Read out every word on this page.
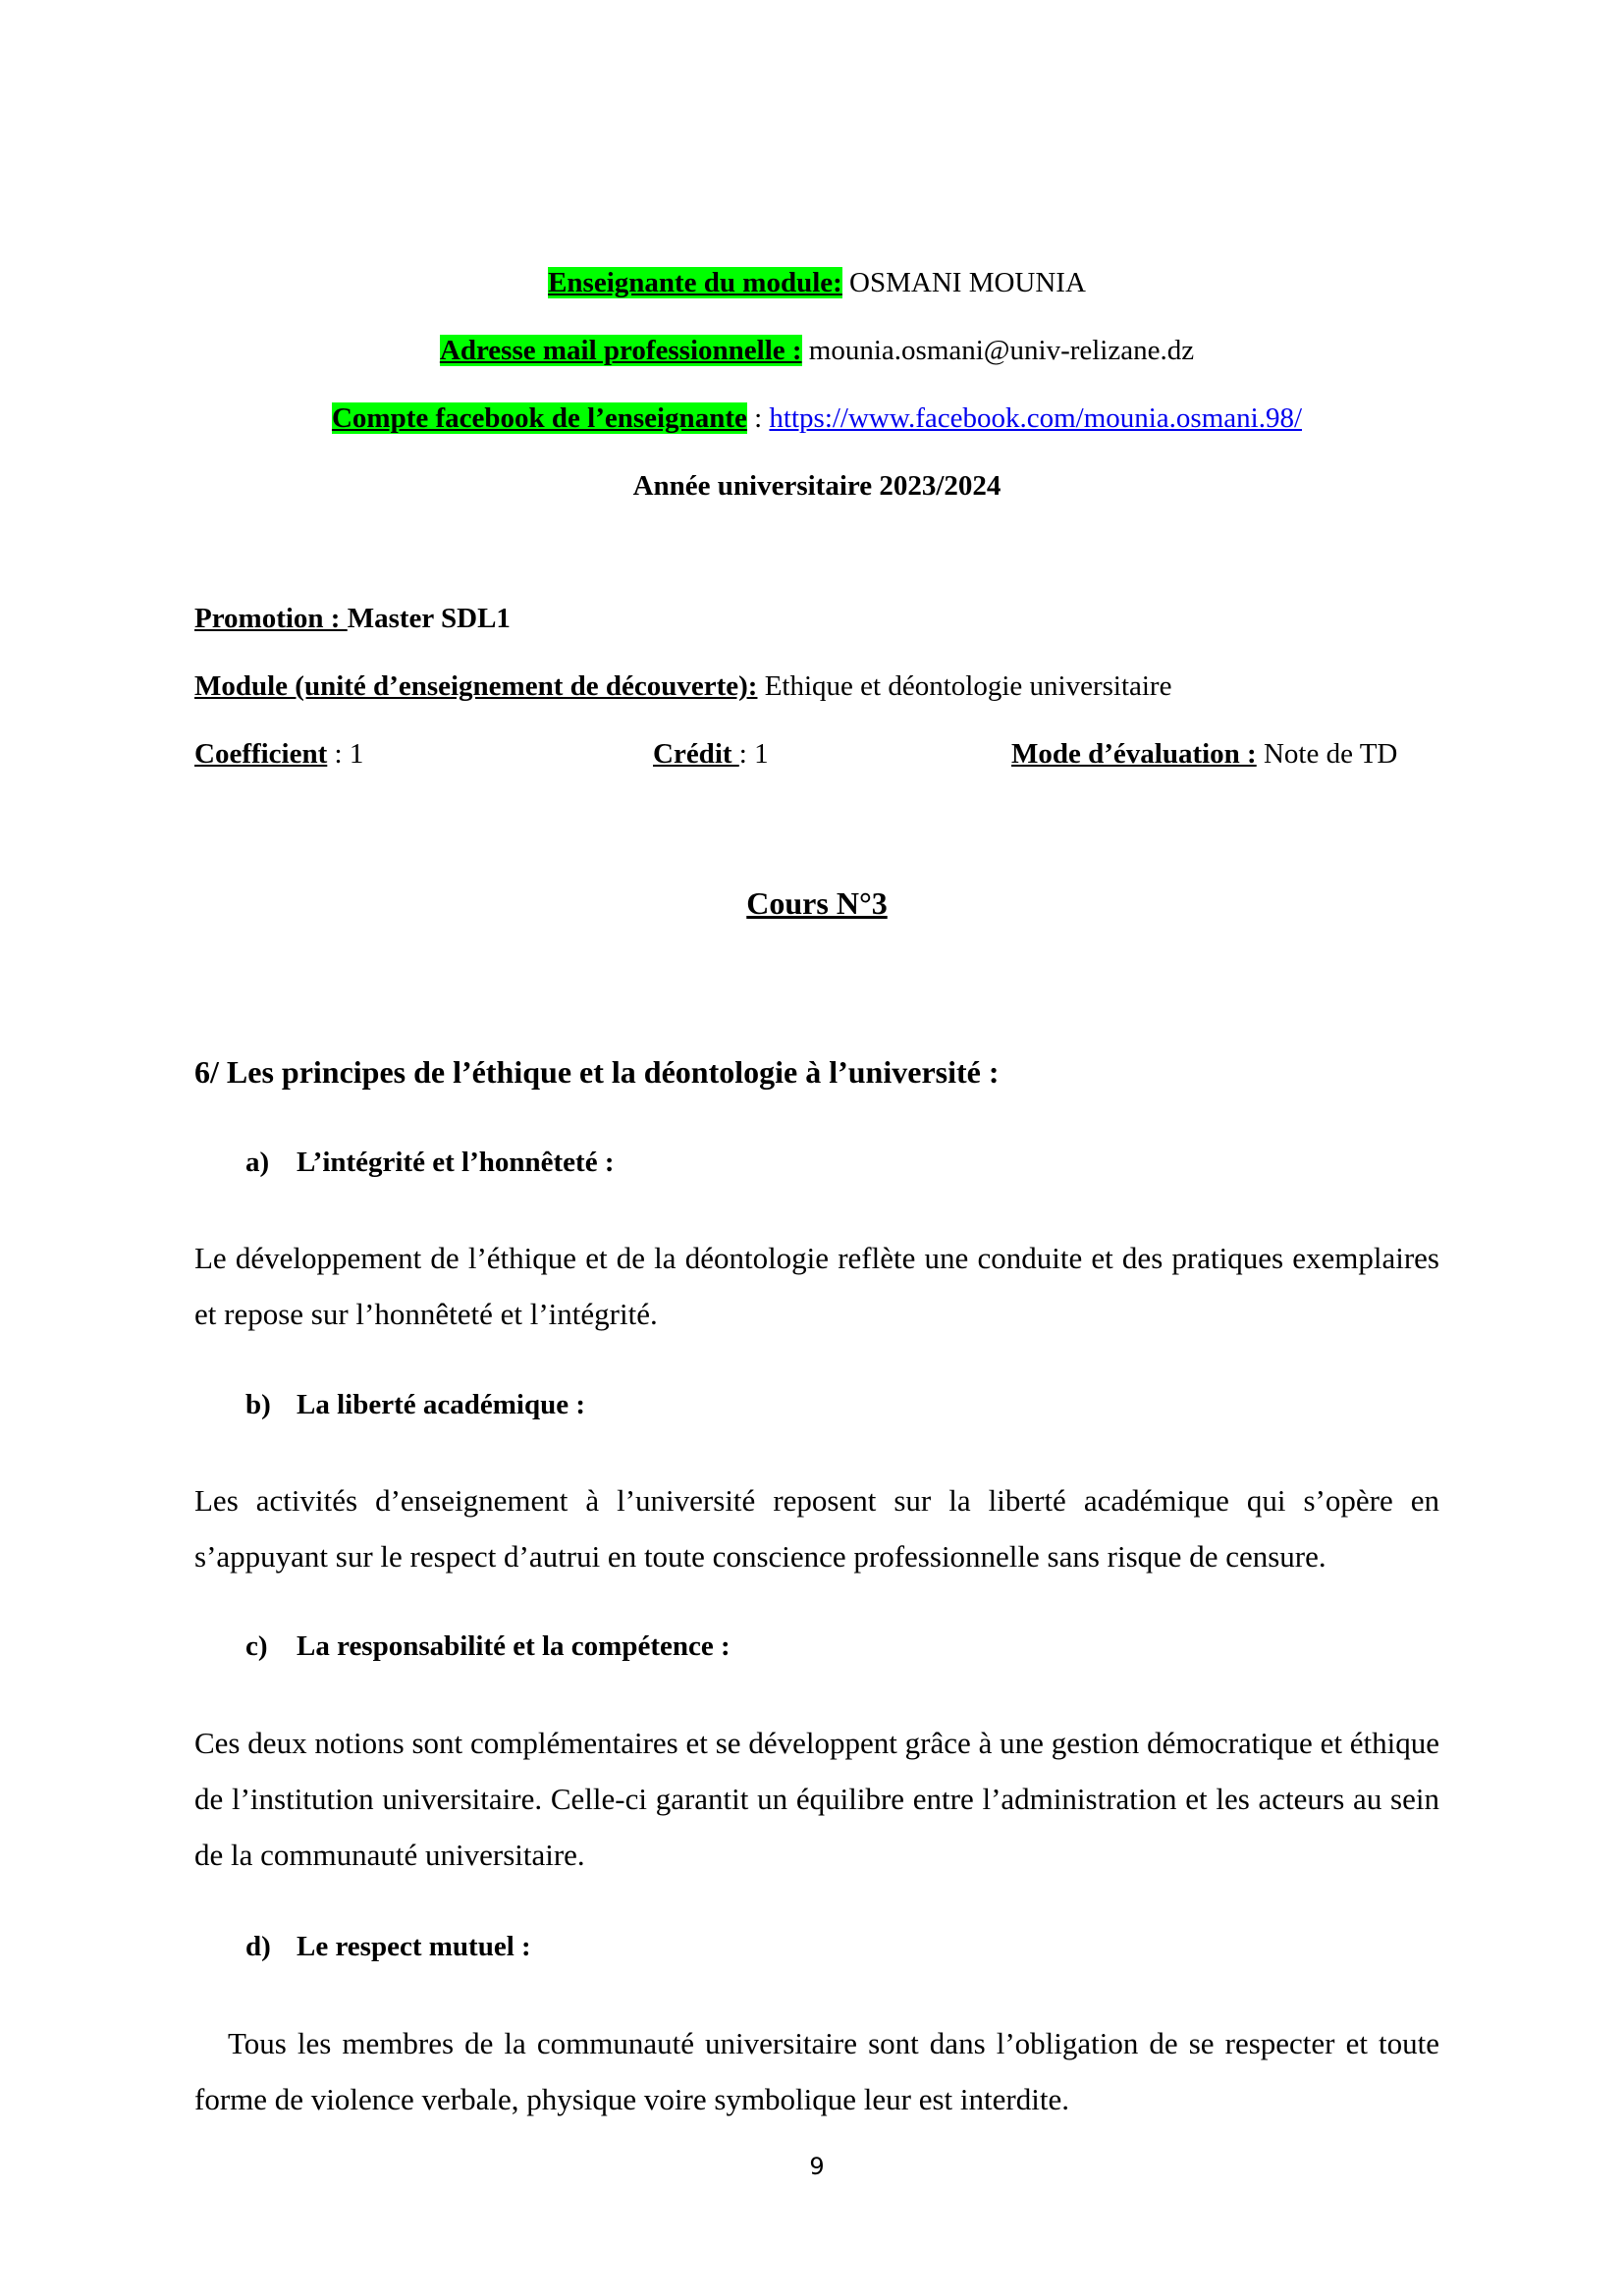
Enseignante du module: OSMANI MOUNIA
Adresse mail professionnelle : mounia.osmani@univ-relizane.dz
Compte facebook de l’enseignante : https://www.facebook.com/mounia.osmani.98/
Année universitaire 2023/2024
Promotion : Master SDL1
Module (unité d’enseignement de découverte): Ethique et déontologie universitaire
Coefficient : 1	Crédit : 1	Mode d’évaluation : Note de TD
Cours N°3
6/ Les principes de l’éthique et la déontologie à l’université :
a) L’intégrité et l’honnêteté :
Le développement de l’éthique et de la déontologie reflète une conduite et des pratiques exemplaires et repose sur l’honnêteté et l’intégrité.
b) La liberté académique :
Les activités d’enseignement à l’université reposent sur la liberté académique qui s’opère en s’appuyant sur le respect d’autrui en toute conscience professionnelle sans risque de censure.
c) La responsabilité et la compétence :
Ces deux notions sont complémentaires et se développent grâce à une gestion démocratique et éthique de l’institution universitaire. Celle-ci garantit un équilibre entre l’administration et les acteurs au sein de la communauté universitaire.
d) Le respect mutuel :
Tous les membres de la communauté universitaire sont dans l’obligation de se respecter et toute forme de violence verbale, physique voire symbolique leur est interdite.
9
